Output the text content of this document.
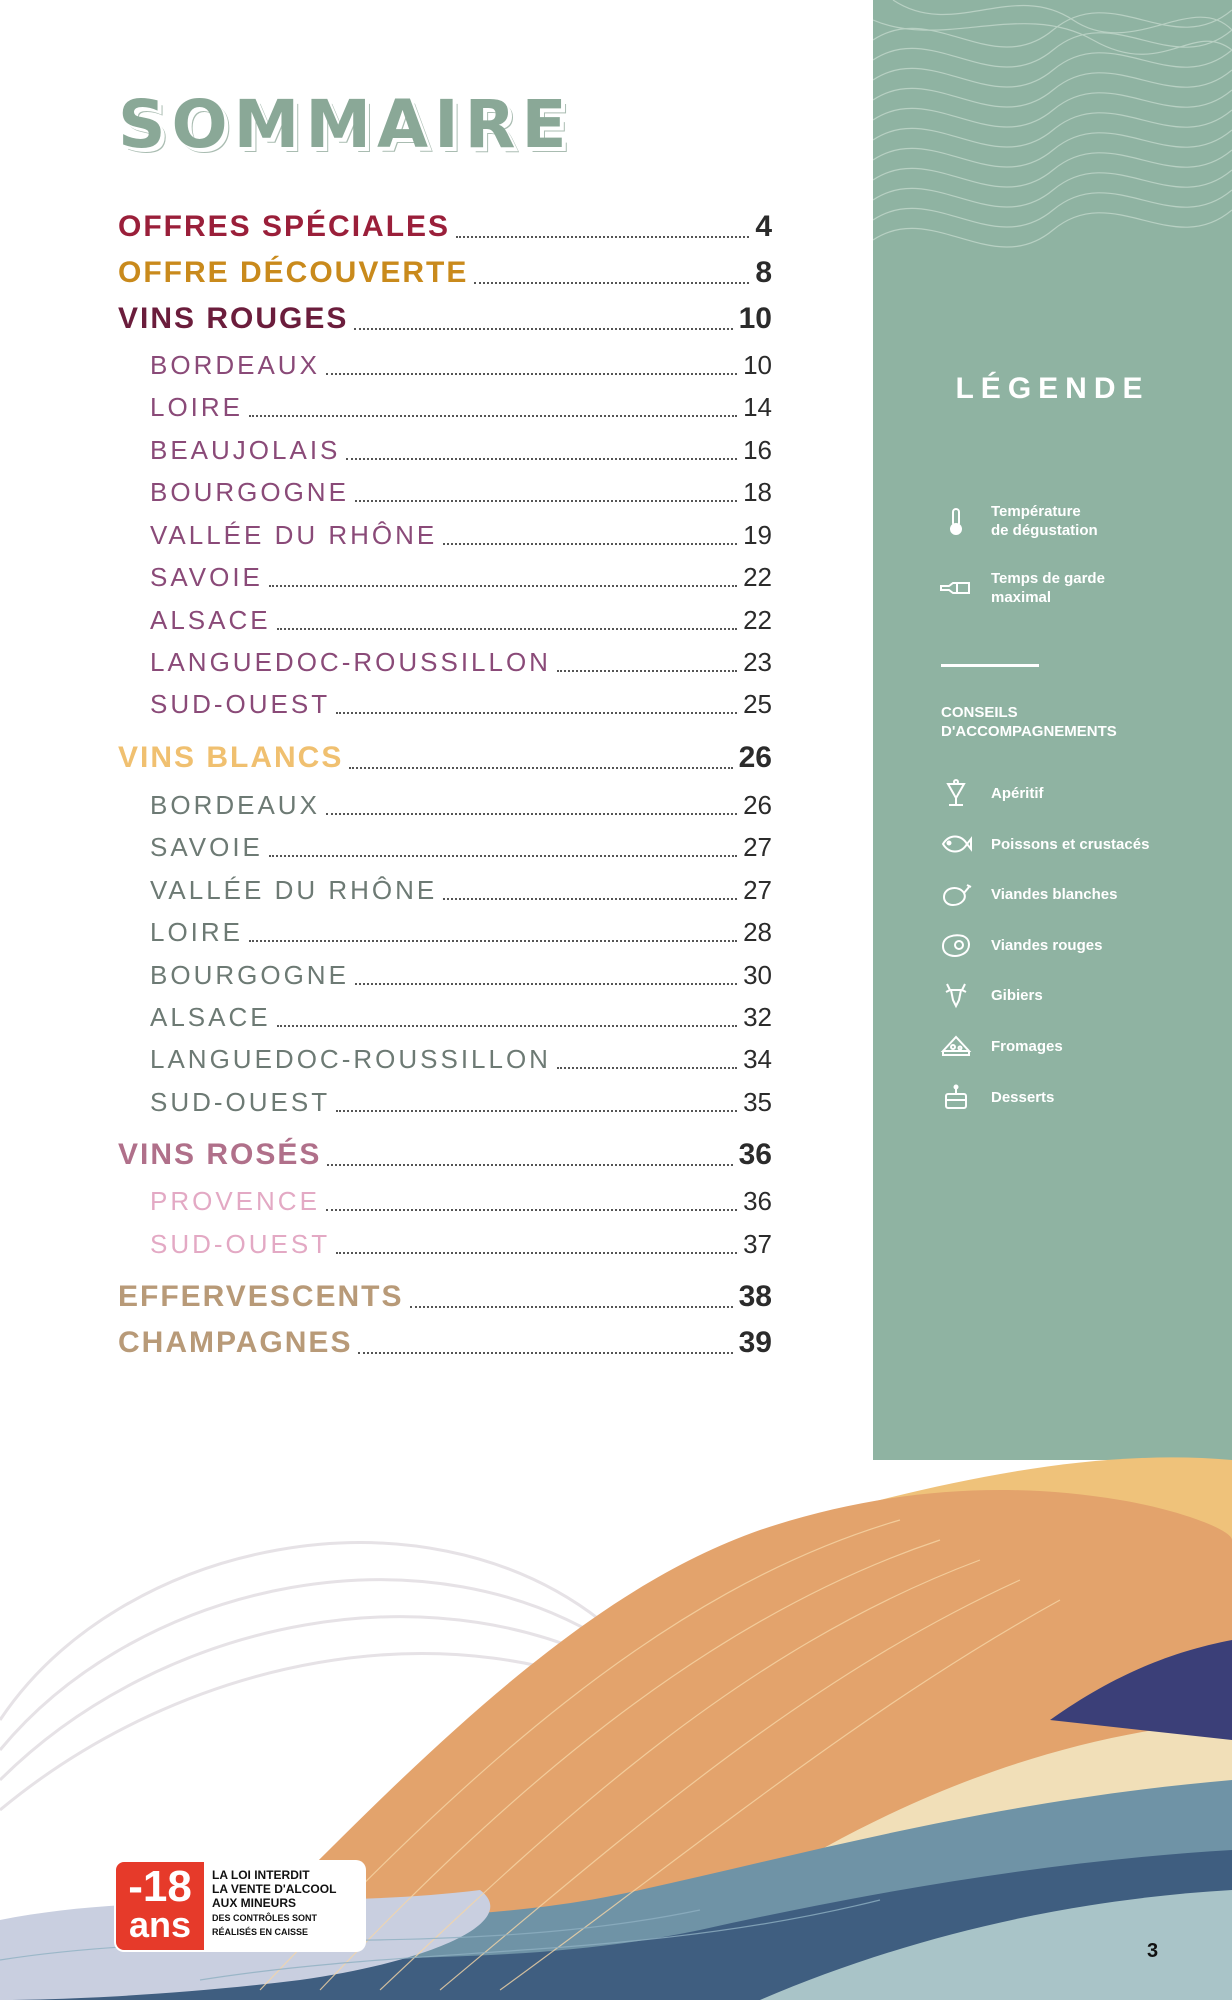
LÉGENDE
Température
de dégustation
Temps de garde
maximal
CONSEILS
D'ACCOMPAGNEMENTS
Apéritif
Poissons et crustacés
Viandes blanches
Viandes rouges
Gibiers
Fromages
Desserts
SOMMAIRE
OFFRES SPÉCIALES	4
OFFRE DÉCOUVERTE	8
VINS ROUGES	10
BORDEAUX	10
LOIRE	14
BEAUJOLAIS	16
BOURGOGNE	18
VALLÉE DU RHÔNE	19
SAVOIE	22
ALSACE	22
LANGUEDOC-ROUSSILLON	23
SUD-OUEST	25
VINS BLANCS	26
BORDEAUX	26
SAVOIE	27
VALLÉE DU RHÔNE	27
LOIRE	28
BOURGOGNE	30
ALSACE	32
LANGUEDOC-ROUSSILLON	34
SUD-OUEST	35
VINS ROSÉS	36
PROVENCE	36
SUD-OUEST	37
EFFERVESCENTS	38
CHAMPAGNES	39
-18
ans
LA LOI INTERDIT
LA VENTE D'ALCOOL
AUX MINEURS
DES CONTRÔLES SONT
RÉALISÉS EN CAISSE
3
